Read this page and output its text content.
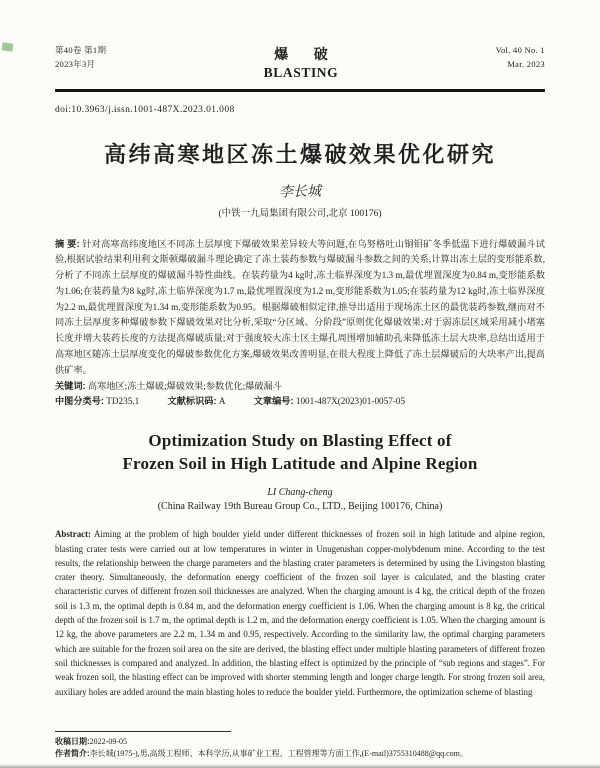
第40卷 第1期
2023年3月
爆 破
BLASTING
Vol. 40 No. 1
Mar. 2023
doi:10.3963/j.issn.1001-487X.2023.01.008
高纬高寒地区冻土爆破效果优化研究
李长城
(中铁一九局集团有限公司,北京 100176)

摘 要: 针对高寒高纬度地区不同冻土层厚度下爆破效果差异较大等问题,在乌努格吐山铜钼矿冬季低温下进行爆破漏斗试验,根据试验结果利用利文斯顿爆破漏斗理论确定了冻土装药参数与爆破漏斗参数之间的关系,计算出冻土层的变形能系数,分析了不同冻土层厚度的爆破漏斗特性曲线。在装药量为4 kg时,冻土临界深度为1.3 m,最优埋置深度为0.84 m,变形能系数为1.06;在装药量为8 kg时,冻土临界深度为1.7 m,最优埋置深度为1.2 m,变形能系数为1.05;在装药量为12 kg时,冻土临界深度为2.2 m,最优埋置深度为1.34 m,变形能系数为0.95。根据爆破相似定律,推导出适用于现场冻土区的最优装药参数,继而对不同冻土层厚度多种爆破参数下爆破效果对比分析,采取“分区域、分阶段”原则优化爆破效果;对于弱冻层区域采用减小堵塞长度并增大装药长度的方法提高爆破质量;对于强度较大冻土区主爆孔周围增加辅助孔来降低冻土层大块率,总结出适用于高寒地区随冻土层厚度变化的爆破参数优化方案,爆破效果改善明显,在很大程度上降低了冻土层爆破后的大块率产出,提高供矿率。

关键词: 高寒地区;冻土爆破;爆破效果;参数优化;爆破漏斗

中图分类号: TD235.1	文献标识码: A	文章编号: 1001-487X(2023)01-0057-05

Optimization Study on Blasting Effect of
Frozen Soil in High Latitude and Alpine Region
LI Chang-cheng
(China Railway 19th Bureau Group Co., LTD., Beijing 100176, China)

Abstract: Aiming at the problem of high boulder yield under different thicknesses of frozen soil in high latitude and alpine region, blasting crater tests were carried out at low temperatures in winter in Unugetushan copper-molybdenum mine. According to the test results, the relationship between the charge parameters and the blasting crater parameters is determined by using the Livingston blasting crater theory. Simultaneously, the deformation energy coefficient of the frozen soil layer is calculated, and the blasting crater characteristic curves of different frozen soil thicknesses are analyzed. When the charging amount is 4 kg, the critical depth of the frozen soil is 1.3 m, the optimal depth is 0.84 m, and the deformation energy coefficient is 1.06. When the charging amount is 8 kg, the critical depth of the frozen soil is 1.7 m, the optimal depth is 1.2 m, and the deformation energy coefficient is 1.05. When the charging amount is 12 kg, the above parameters are 2.2 m, 1.34 m and 0.95, respectively. According to the similarity law, the optimal charging parameters which are suitable for the frozen soil area on the site are derived, the blasting effect under multiple blasting parameters of different frozen soil thicknesses is compared and analyzed. In addition, the blasting effect is optimized by the principle of “sub regions and stages”. For weak frozen soil, the blasting effect can be improved with shorter stemming length and longer charge length. For strong frozen soil area, auxiliary holes are added around the main blasting holes to reduce the boulder yield. Furthermore, the optimization scheme of blasting

收稿日期:2022-09-05
作者简介:李长城(1975-),男,高级工程师、本科学历,从事矿业工程、工程管理等方面工作,(E-mail)3755310488@qq.com。
